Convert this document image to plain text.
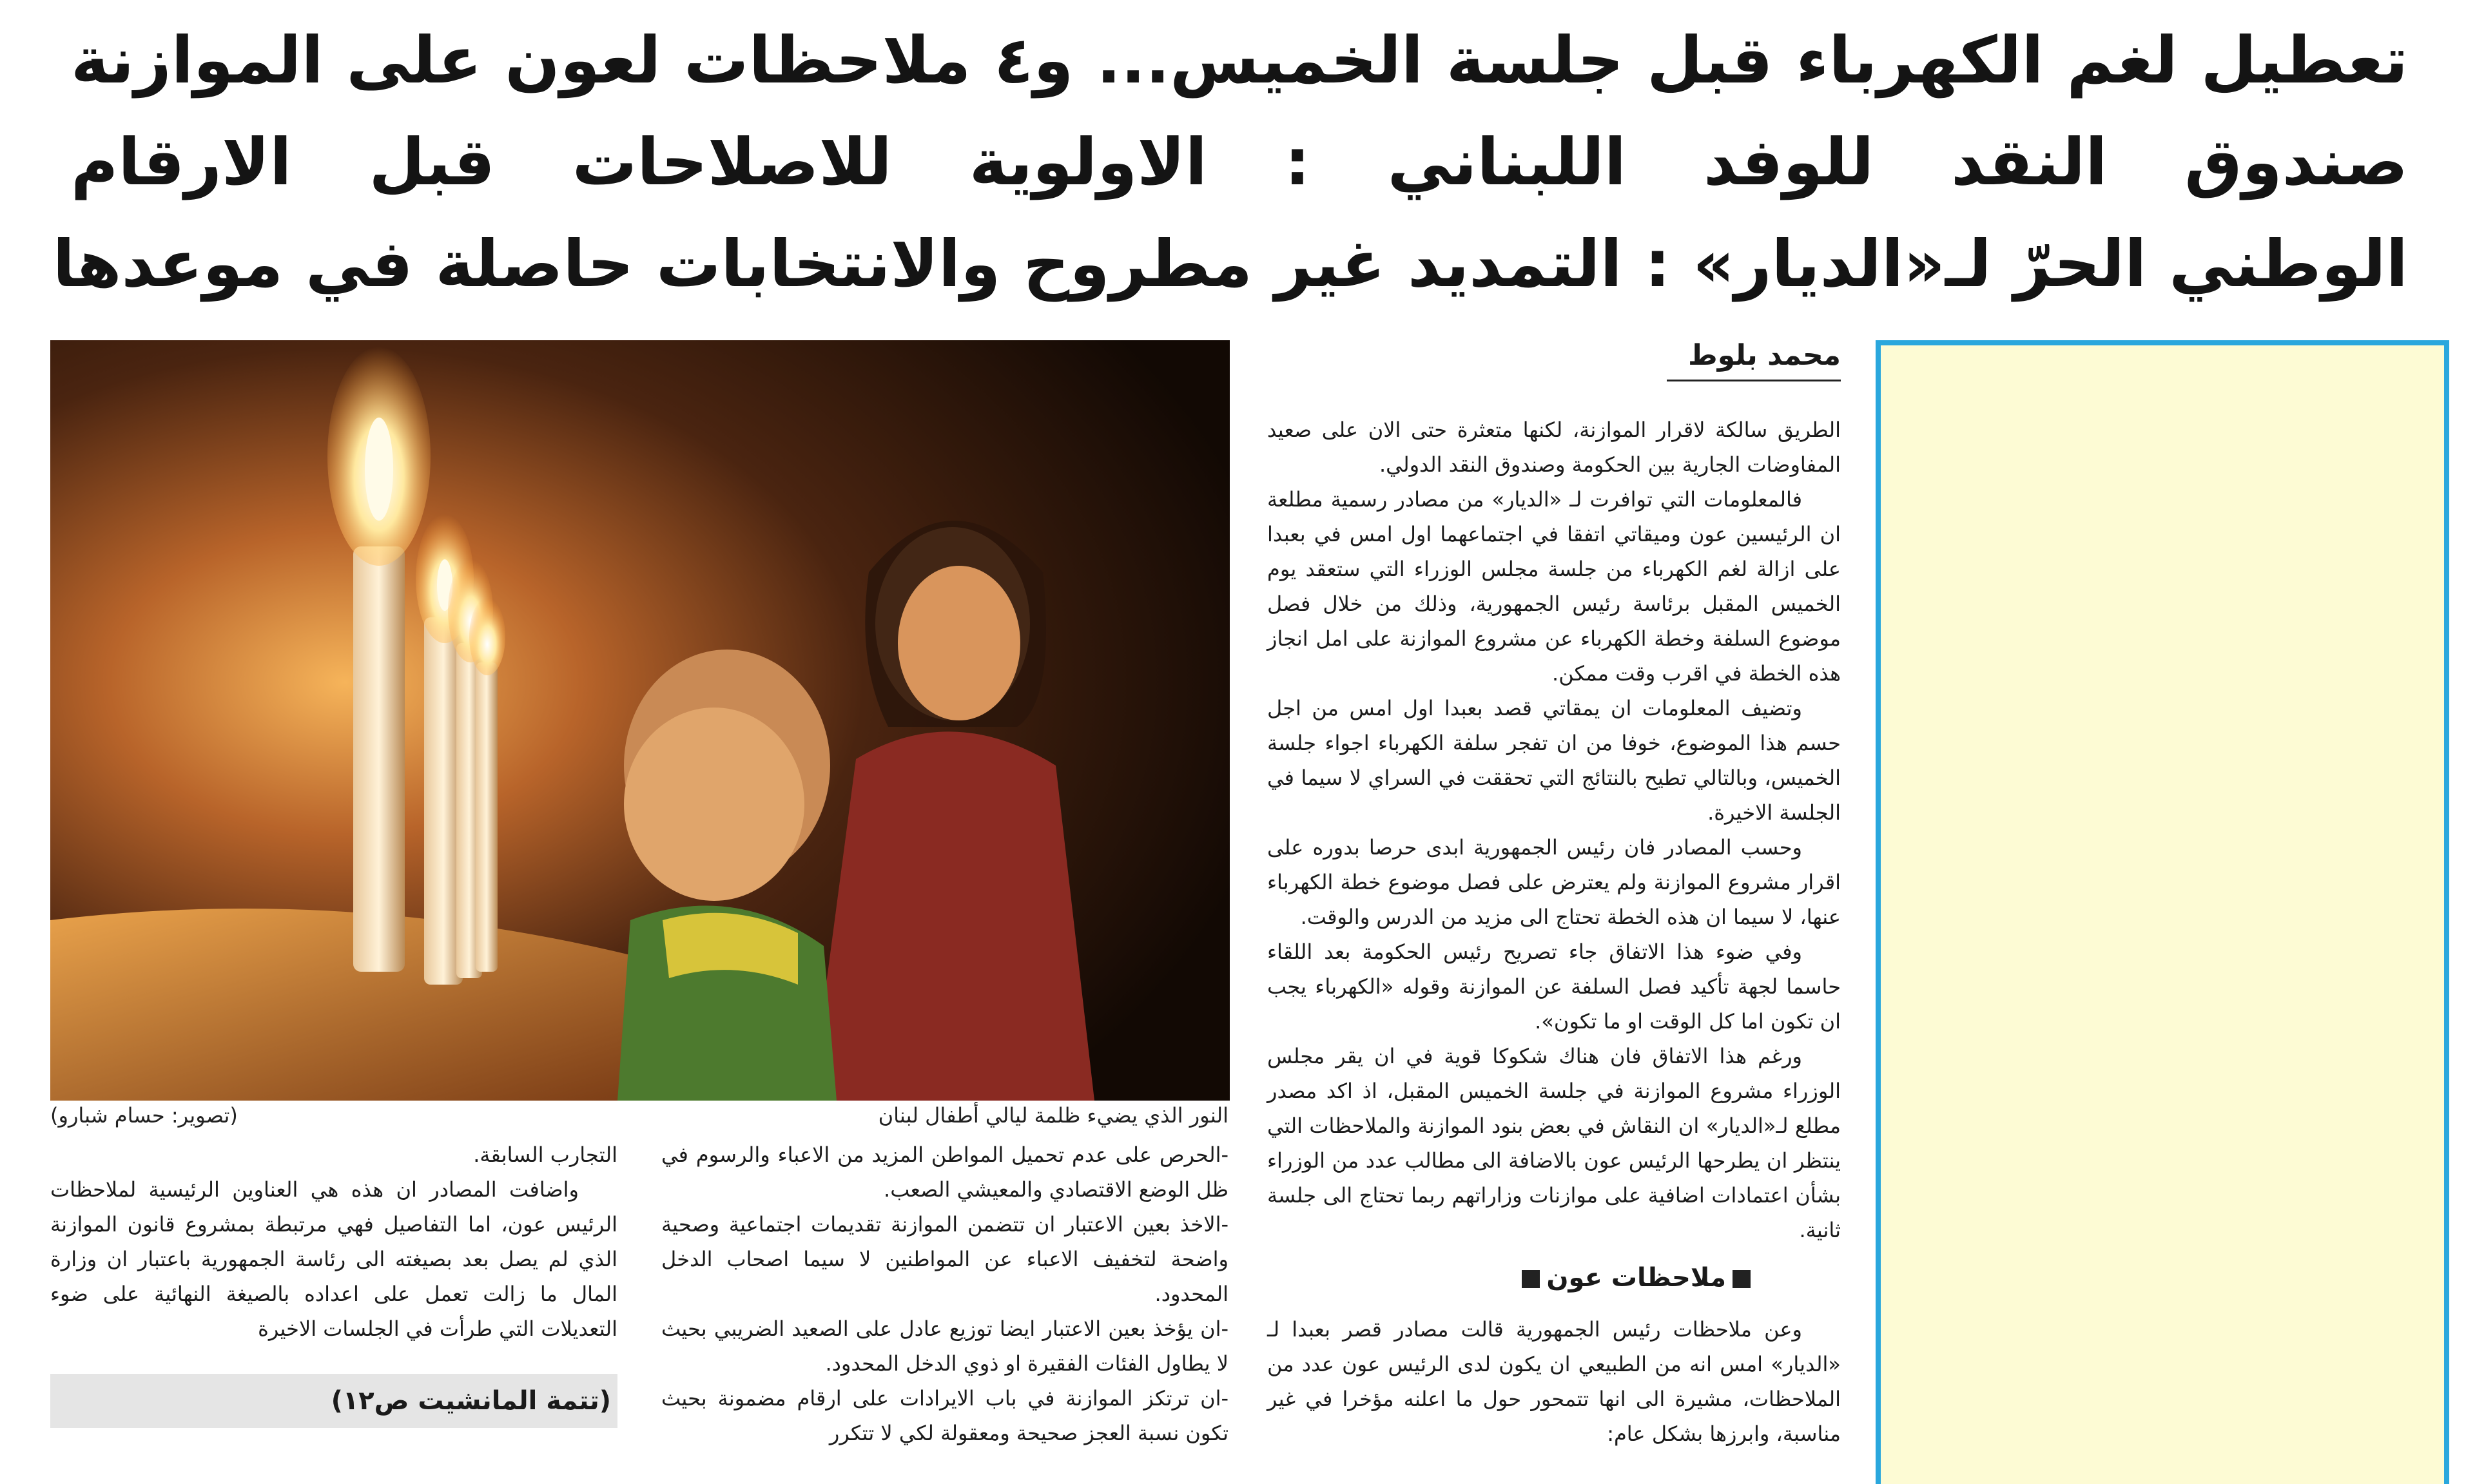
تعطيل لغم الكهرباء قبل جلسة الخميس... و٤ ملاحظات لعون على الموازنة
صندوق النقد للوفد اللبناني : الاولوية للاصلاحات قبل الارقام
الوطني الحرّ لـ«الديار» : التمديد غير مطروح والانتخابات حاصلة في موعدها
محمد بلوط

الطريق سالكة لاقرار الموازنة، لكنها متعثرة حتى الان على صعيد المفاوضات الجارية بين الحكومة وصندوق النقد الدولي.

فالمعلومات التي توافرت لـ «الديار» من مصادر رسمية مطلعة ان الرئيسين عون وميقاتي اتفقا في اجتماعهما اول امس في بعبدا على ازالة لغم الكهرباء من جلسة مجلس الوزراء التي ستعقد يوم الخميس المقبل برئاسة رئيس الجمهورية، وذلك من خلال فصل موضوع السلفة وخطة الكهرباء عن مشروع الموازنة على امل انجاز هذه الخطة في اقرب وقت ممكن.

وتضيف المعلومات ان يمقاتي قصد بعبدا اول امس من اجل حسم هذا الموضوع، خوفا من ان تفجر سلفة الكهرباء اجواء جلسة الخميس، وبالتالي تطيح بالنتائج التي تحققت في السراي لا سيما في الجلسة الاخيرة.

وحسب المصادر فان رئيس الجمهورية ابدى حرصا بدوره على اقرار مشروع الموازنة ولم يعترض على فصل موضوع خطة الكهرباء عنها، لا سيما ان هذه الخطة تحتاج الى مزيد من الدرس والوقت.

وفي ضوء هذا الاتفاق جاء تصريح رئيس الحكومة بعد اللقاء حاسما لجهة تأكيد فصل السلفة عن الموازنة وقوله «الكهرباء يجب ان تكون اما كل الوقت او ما تكون».

ورغم هذا الاتفاق فان هناك شكوكا قوية في ان يقر مجلس الوزراء مشروع الموازنة في جلسة الخميس المقبل، اذ اكد مصدر مطلع لـ«الديار» ان النقاش في بعض بنود الموازنة والملاحظات التي ينتظر ان يطرحها الرئيس عون بالاضافة الى مطالب عدد من الوزراء بشأن اعتمادات اضافية على موازنات وزاراتهم ربما تحتاج الى جلسة ثانية.

ملاحظات عون

وعن ملاحظات رئيس الجمهورية قالت مصادر قصر بعبدا لـ «الديار» امس انه من الطبيعي ان يكون لدى الرئيس عون عدد من الملاحظات، مشيرة الى انها تتمحور حول ما اعلنه مؤخرا في غير مناسبة، وابرزها بشكل عام:

النور الذي يضيء ظلمة ليالي أطفال لبنان
(تصوير: حسام شبارو)

-الحرص على عدم تحميل المواطن المزيد من الاعباء والرسوم في ظل الوضع الاقتصادي والمعيشي الصعب.

-الاخذ بعين الاعتبار ان تتضمن الموازنة تقديمات اجتماعية وصحية واضحة لتخفيف الاعباء عن المواطنين لا سيما اصحاب الدخل المحدود.

-ان يؤخذ بعين الاعتبار ايضا توزيع عادل على الصعيد الضريبي بحيث لا يطاول الفئات الفقيرة او ذوي الدخل المحدود.

-ان ترتكز الموازنة في باب الايرادات على ارقام مضمونة بحيث تكون نسبة العجز صحيحة ومعقولة لكي لا تتكرر

التجارب السابقة.

واضافت المصادر ان هذه هي العناوين الرئيسية لملاحظات الرئيس عون، اما التفاصيل فهي مرتبطة بمشروع قانون الموازنة الذي لم يصل بعد بصيغته الى رئاسة الجمهورية باعتبار ان وزارة المال ما زالت تعمل على اعداده بالصيغة النهائية على ضوء التعديلات التي طرأت في الجلسات الاخيرة

(تتمة المانشيت ص١٢)
